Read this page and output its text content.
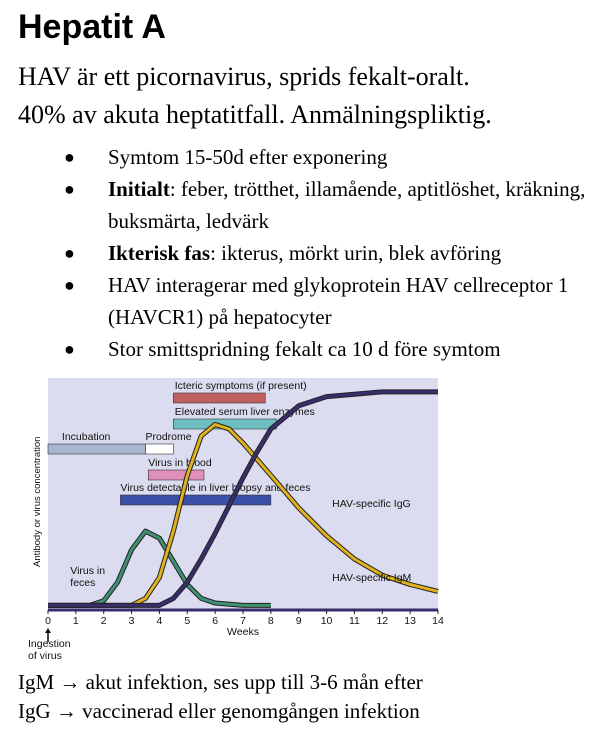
Hepatit A

HAV är ett picornavirus, sprids fekalt-oralt.

40% av akuta heptatitfall. Anmälningspliktig.

● Symtom 15-50d efter exponering
● Initialt: feber, trötthet, illamående, aptitlöshet, kräkning, buksmärta, ledvärk
● Ikterisk fas: ikterus, mörkt urin, blek avföring
● HAV interagerar med glykoprotein HAV cellreceptor 1 (HAVCR1) på hepatocyter
● Stor smittspridning fekalt ca 10 d före symtom
Icteric symptoms (if present)
Elevated serum liver enzymes
Incubation	Prodrome
Virus in blood
Virus detectable in liver biopsy and feces
Virus in
feces	HAV-specific IgM
HAV-specific IgG
Antibody or virus concentration
0 1 2 3 4 5 6 7 8 9 10 11 12 13 14
Weeks
Ingestion
of virus

IgM → akut infektion, ses upp till 3-6 mån efter

IgG → vaccinerad eller genomgången infektion
